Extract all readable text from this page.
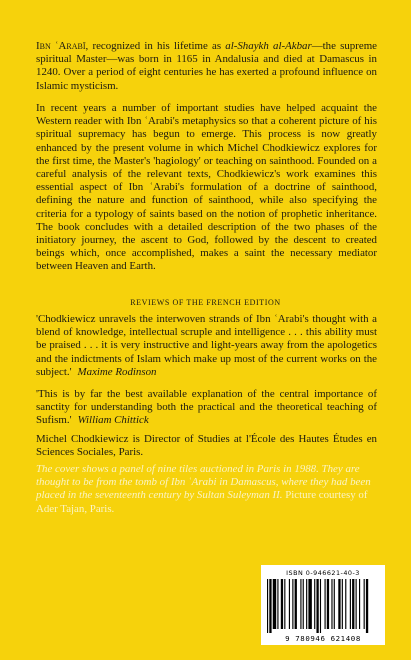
Ibn ʿArabī, recognized in his lifetime as al-Shaykh al-Akbar—the supreme spiritual Master—was born in 1165 in Andalusia and died at Damascus in 1240. Over a period of eight centuries he has exerted a profound influence on Islamic mysticism.

In recent years a number of important studies have helped acquaint the Western reader with Ibn ʿArabi's metaphysics so that a coherent picture of his spiritual supremacy has begun to emerge. This process is now greatly enhanced by the present volume in which Michel Chodkiewicz explores for the first time, the Master's 'hagiology' or teaching on sainthood. Founded on a careful analysis of the relevant texts, Chodkiewicz's work examines this essential aspect of Ibn ʿArabi's formulation of a doctrine of sainthood, defining the nature and function of sainthood, while also specifying the criteria for a typology of saints based on the notion of prophetic inheritance. The book concludes with a detailed description of the two phases of the initiatory journey, the ascent to God, followed by the descent to created beings which, once accomplished, makes a saint the necessary mediator between Heaven and Earth.

REVIEWS OF THE FRENCH EDITION

'Chodkiewicz unravels the interwoven strands of Ibn ʿArabi's thought with a blend of knowledge, intellectual scruple and intelligence . . . this ability must be praised . . . it is very instructive and light-years away from the apologetics and the indictments of Islam which make up most of the current works on the subject.' Maxime Rodinson

'This is by far the best available explanation of the central importance of sanctity for understanding both the practical and the theoretical teaching of Sufism.' William Chittick

Michel Chodkiewicz is Director of Studies at l'École des Hautes Études en Sciences Sociales, Paris.

The cover shows a panel of nine tiles auctioned in Paris in 1988. They are thought to be from the tomb of Ibn ʿArabi in Damascus, where they had been placed in the seventeenth century by Sultan Suleyman II. Picture courtesy of Ader Tajan, Paris.

ISBN 0-946621-40-3
9 780946 621408
